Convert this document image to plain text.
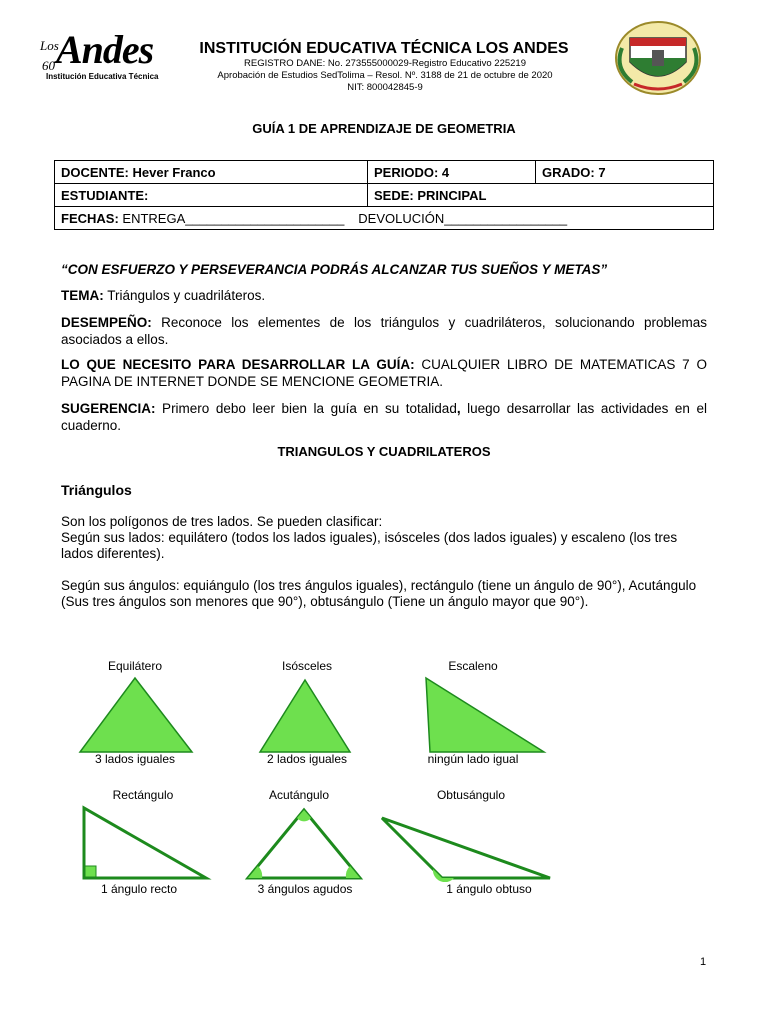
Los
Andes
60
Institución Educativa Técnica
INSTITUCIÓN EDUCATIVA TÉCNICA LOS ANDES
REGISTRO DANE: No. 273555000029-Registro Educativo 225219
Aprobación de Estudios SedTolima – Resol. Nº. 3188 de 21 de octubre de 2020
NIT: 800042845-9
GUÍA 1 DE APRENDIZAJE DE GEOMETRIA
DOCENTE: Hever Franco	PERIODO: 4	GRADO: 7
ESTUDIANTE:	SEDE: PRINCIPAL	
FECHAS: ENTREGA______________________ DEVOLUCIÓN_________________		
“CON ESFUERZO Y PERSEVERANCIA PODRÁS ALCANZAR TUS SUEÑOS Y METAS”
TEMA: Triángulos y cuadriláteros.
DESEMPEÑO: Reconoce los elementes de los triángulos y cuadriláteros, solucionando problemas asociados a ellos.
LO QUE NECESITO PARA DESARROLLAR LA GUÍA: CUALQUIER LIBRO DE MATEMATICAS 7 O PAGINA DE INTERNET DONDE SE MENCIONE GEOMETRIA.
SUGERENCIA: Primero debo leer bien la guía en su totalidad, luego desarrollar las actividades en el cuaderno.
TRIANGULOS Y CUADRILATEROS
Triángulos
Son los polígonos de tres lados. Se pueden clasificar:
Según sus lados: equilátero (todos los lados iguales), isósceles (dos lados iguales) y escaleno (los tres lados diferentes).
Según sus ángulos: equiángulo (los tres ángulos iguales), rectángulo (tiene un ángulo de 90°), Acutángulo (Sus tres ángulos son menores que 90°), obtusángulo (Tiene un ángulo mayor que 90°).
Equilátero	Isósceles	Escaleno
3 lados iguales	2 lados iguales	ningún lado igual
Rectángulo	Acutángulo	Obtusángulo
1 ángulo recto	3 ángulos agudos	1 ángulo obtuso
1
